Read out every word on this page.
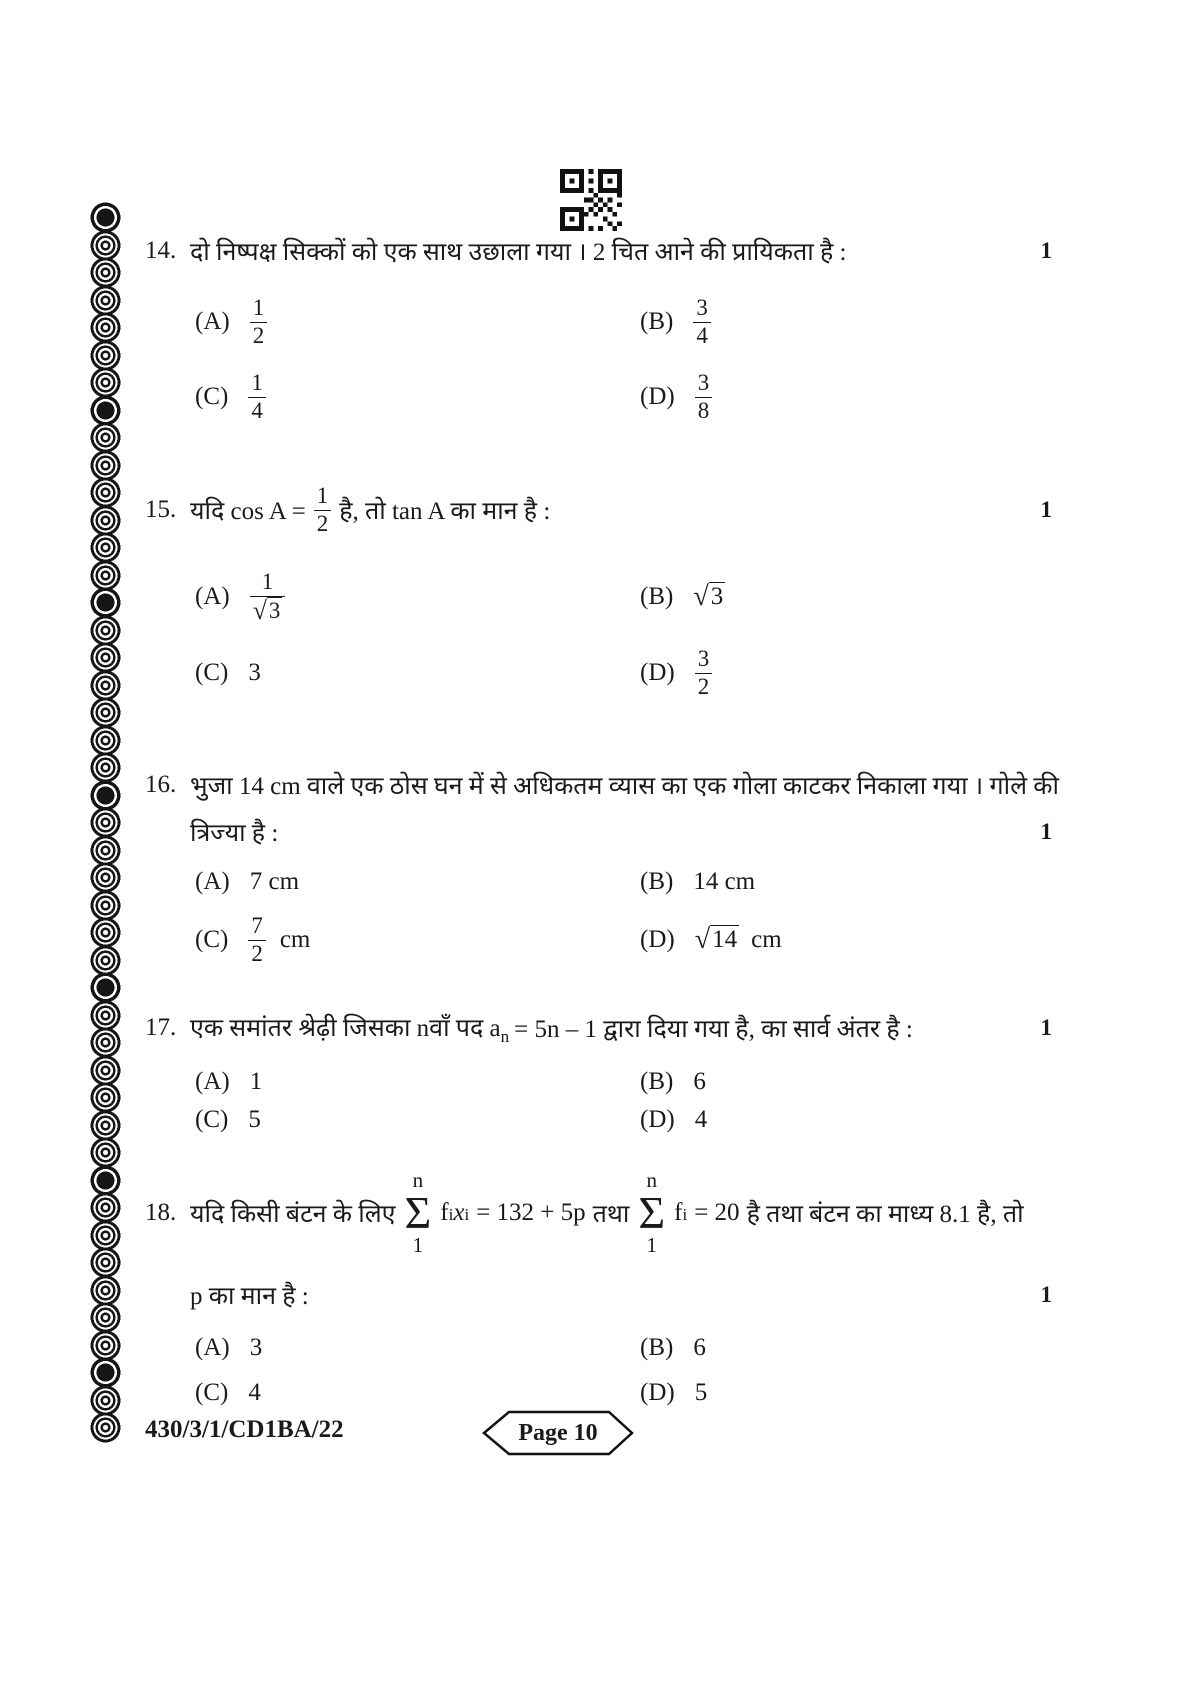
14. दो निष्पक्ष सिक्कों को एक साथ उछाला गया । 2 चित आने की प्रायिकता है :	1
$(A) \frac{1}{2}$	$(B) \frac{3}{4}$
$(C) \frac{1}{4}$	$(D) \frac{3}{8}$
15. यदि $\cos A = \frac{1}{2}$ है, तो tan A का मान है :	1
$(A) \frac{1}{√ 3}$	(B) √ 3
(C) 3	$(D) \frac{3}{2}$
16. भुजा 14 cm वाले एक ठोस घन में से अधिकतम व्यास का एक गोला काटकर निकाला गया । गोले की
त्रिज्या है :	1
(A) 7 cm	(B) 14 cm
$(C) \frac{7}{2}$ cm	(D) √ 14 cm
17. एक समांतर श्रेढ़ी जिसका nवाँ पद $a_n = 5n - 1$ द्वारा दिया गया है, का सार्व अंतर है :	1
(A) 1	(B) 6
(C) 5	(D) 4
18. यदि किसी बंटन के लिए
n
Σ
1
f i x i = 132 + 5p तथा
n
Σ
1
f i = 20 है तथा बंटन का माध्य 8.1 है, तो
p का मान है :	1
(A) 3	(B) 6
(C) 4	(D) 5
430/3/1/CD1BA/22	Page 10
